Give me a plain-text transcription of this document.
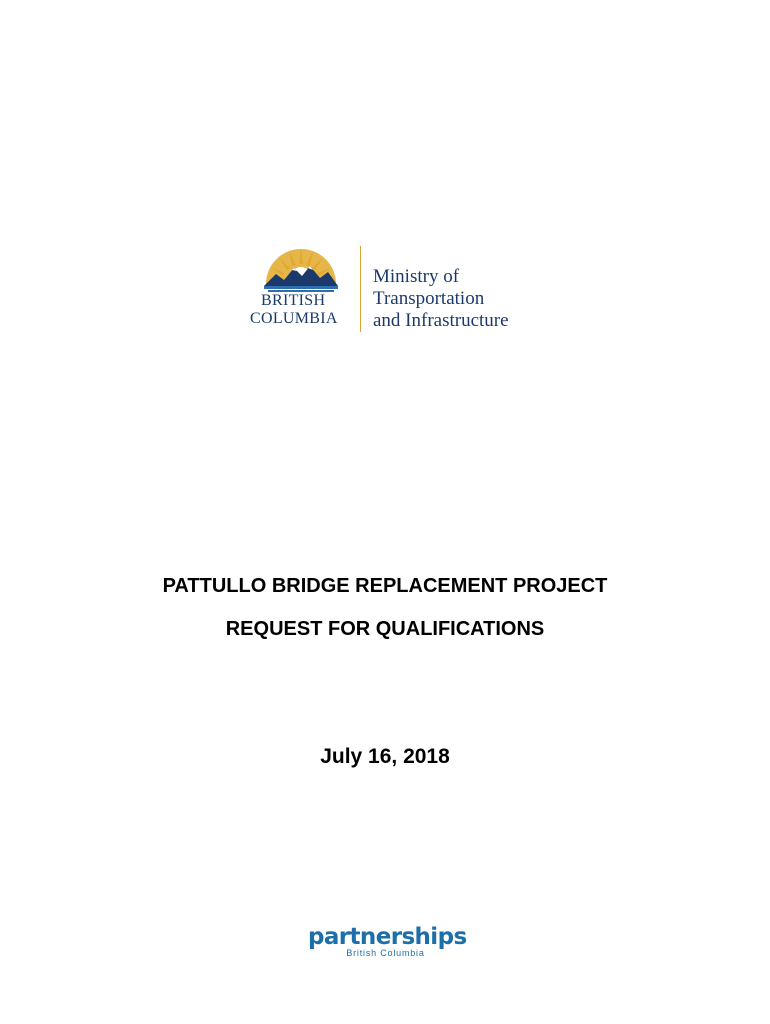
BRITISH
COLUMBIA
Ministry of
Transportation
and Infrastructure
PATTULLO BRIDGE REPLACEMENT PROJECT
REQUEST FOR QUALIFICATIONS
July 16, 2018
partnerships
British Columbia
